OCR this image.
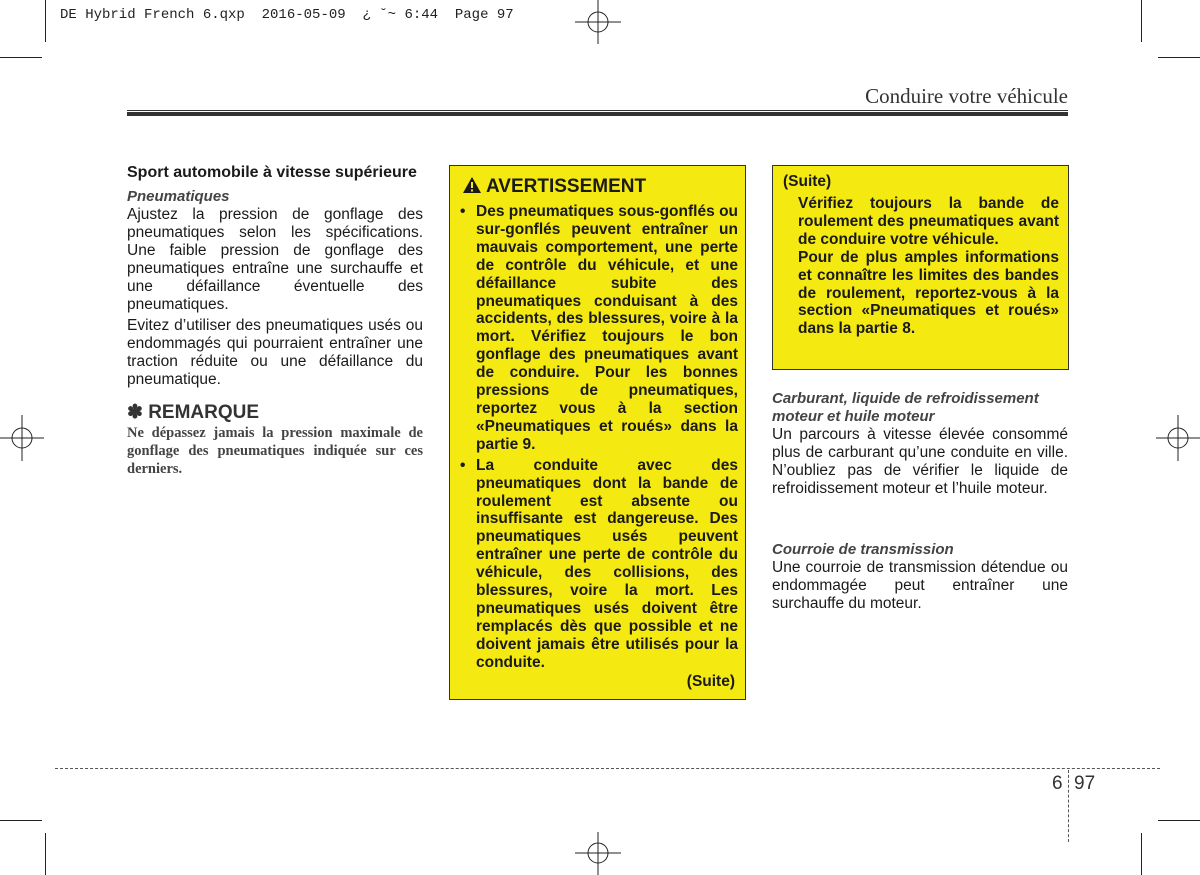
DE Hybrid French 6.qxp  2016-05-09  ¿ ˘~ 6:44  Page 97
Conduire votre véhicule
Sport automobile à vitesse supérieure
Pneumatiques

Ajustez la pression de gonflage des pneumatiques selon les spécifications. Une faible pression de gonflage des pneumatiques entraîne une surchauffe et une défaillance éventuelle des pneumatiques.

Evitez d’utiliser des pneumatiques usés ou endommagés qui pourraient entraîner une traction réduite ou une défaillance du pneumatique.

✽ REMARQUE
Ne dépassez jamais la pression maximale de gonflage des pneumatiques indiquée sur ces derniers.
AVERTISSEMENT
• Des pneumatiques sous-gonflés ou sur-gonflés peuvent entraîner un mauvais comportement, une perte de contrôle du véhicule, et une défaillance subite des pneumatiques conduisant à des accidents, des blessures, voire à la mort. Vérifiez toujours le bon gonflage des pneumatiques avant de conduire. Pour les bonnes pressions de pneumatiques, reportez vous à la section «Pneumatiques et roués» dans la partie 9.
• La conduite avec des pneumatiques dont la bande de roulement est absente ou insuffisante est dangereuse. Des pneumatiques usés peuvent entraîner une perte de contrôle du véhicule, des collisions, des blessures, voire la mort. Les pneumatiques usés doivent être remplacés dès que possible et ne doivent jamais être utilisés pour la conduite.
(Suite)
(Suite)
Vérifiez toujours la bande de roulement des pneumatiques avant de conduire votre véhicule.
Pour de plus amples informations et connaître les limites des bandes de roulement, reportez-vous à la section «Pneumatiques et roués» dans la partie 8.
Carburant, liquide de refroidissement moteur et huile moteur

Un parcours à vitesse élevée consommé plus de carburant qu’une conduite en ville. N’oubliez pas de vérifier le liquide de refroidissement moteur et l’huile moteur.

Courroie de transmission

Une courroie de transmission détendue ou endommagée peut entraîner une surchauffe du moteur.

6 97
